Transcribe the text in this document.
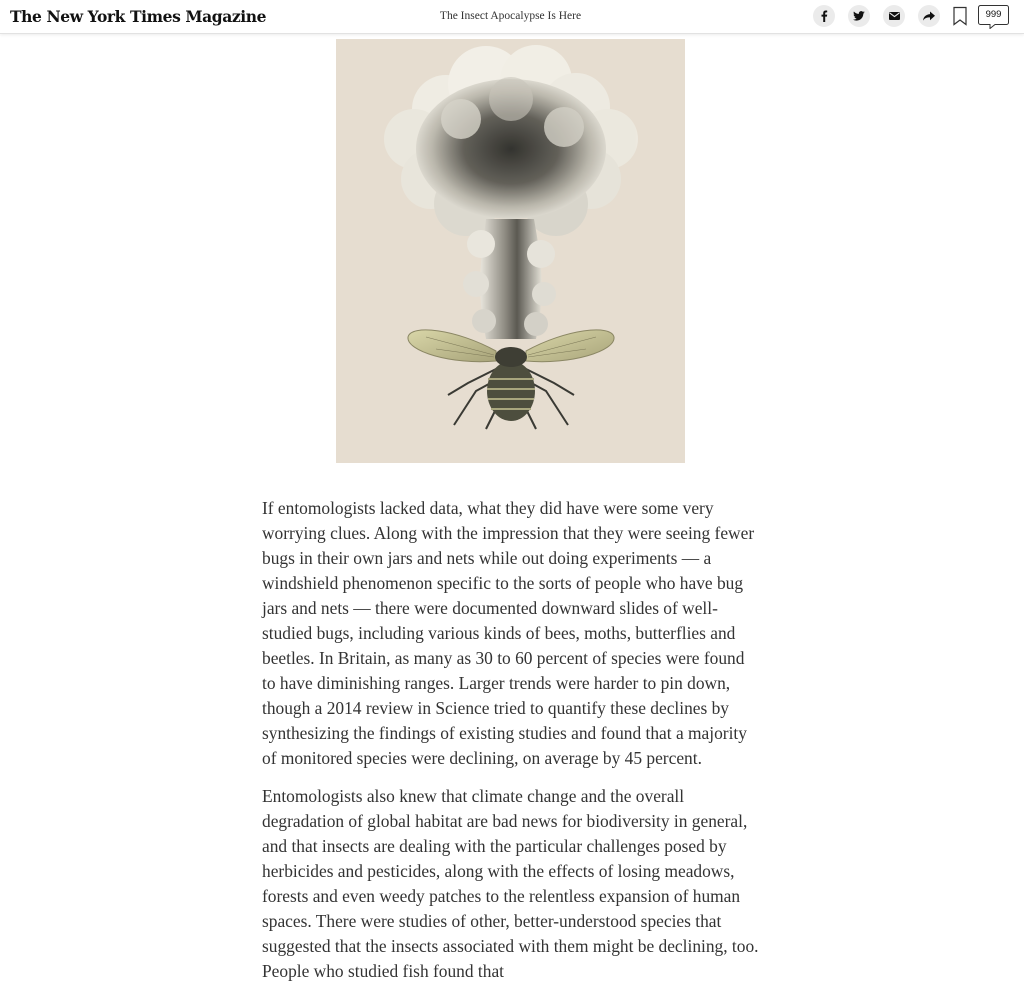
The New York Times Magazine	The Insect Apocalypse Is Here	999

If entomologists lacked data, what they did have were some very worrying clues. Along with the impression that they were seeing fewer bugs in their own jars and nets while out doing experiments — a windshield phenomenon specific to the sorts of people who have bug jars and nets — there were documented downward slides of well-studied bugs, including various kinds of bees, moths, butterflies and beetles. In Britain, as many as 30 to 60 percent of species were found to have diminishing ranges. Larger trends were harder to pin down, though a 2014 review in Science tried to quantify these declines by synthesizing the findings of existing studies and found that a majority of monitored species were declining, on average by 45 percent.

Entomologists also knew that climate change and the overall degradation of global habitat are bad news for biodiversity in general, and that insects are dealing with the particular challenges posed by herbicides and pesticides, along with the effects of losing meadows, forests and even weedy patches to the relentless expansion of human spaces. There were studies of other, better-understood species that suggested that the insects associated with them might be declining, too. People who studied fish found that
